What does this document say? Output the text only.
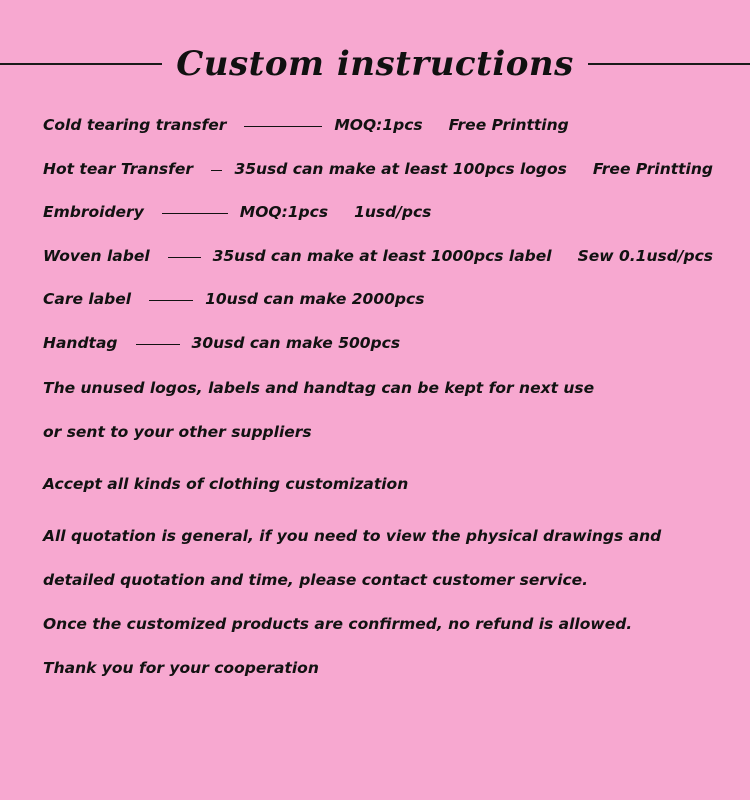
Custom instructions
Cold tearing transfer	MOQ:1pcs Free Printting
Hot tear Transfer	35usd can make at least 100pcs logos Free Printting
Embroidery	MOQ:1pcs 1usd/pcs
Woven label	35usd can make at least 1000pcs label Sew 0.1usd/pcs
Care label	10usd can make 2000pcs
Handtag	30usd can make 500pcs
The unused logos, labels and handtag can be kept for next use
or sent to your other suppliers
Accept all kinds of clothing customization
All quotation is general, if you need to view the physical drawings and
detailed quotation and time, please contact customer service.
Once the customized products are confirmed, no refund is allowed.
Thank you for your cooperation
